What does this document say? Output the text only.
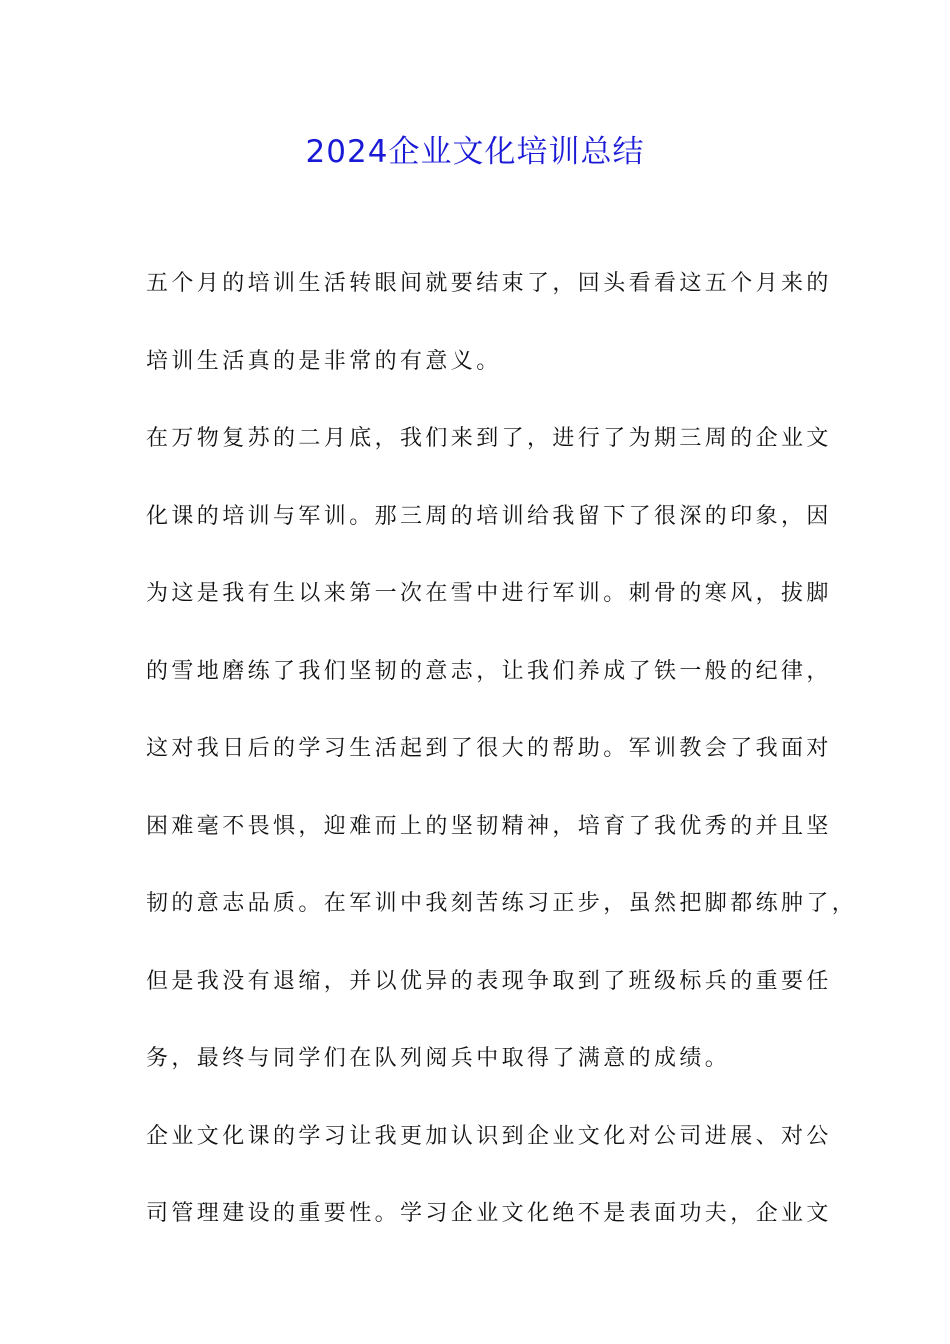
2024企业文化培训总结
五个月的培训生活转眼间就要结束了，回头看看这五个月来的
培训生活真的是非常的有意义。
在万物复苏的二月底，我们来到了，进行了为期三周的企业文
化课的培训与军训。那三周的培训给我留下了很深的印象，因
为这是我有生以来第一次在雪中进行军训。刺骨的寒风，拔脚
的雪地磨练了我们坚韧的意志，让我们养成了铁一般的纪律，
这对我日后的学习生活起到了很大的帮助。军训教会了我面对
困难毫不畏惧，迎难而上的坚韧精神，培育了我优秀的并且坚
韧的意志品质。在军训中我刻苦练习正步，虽然把脚都练肿了，
但是我没有退缩，并以优异的表现争取到了班级标兵的重要任
务，最终与同学们在队列阅兵中取得了满意的成绩。
企业文化课的学习让我更加认识到企业文化对公司进展、对公
司管理建设的重要性。学习企业文化绝不是表面功夫，企业文
